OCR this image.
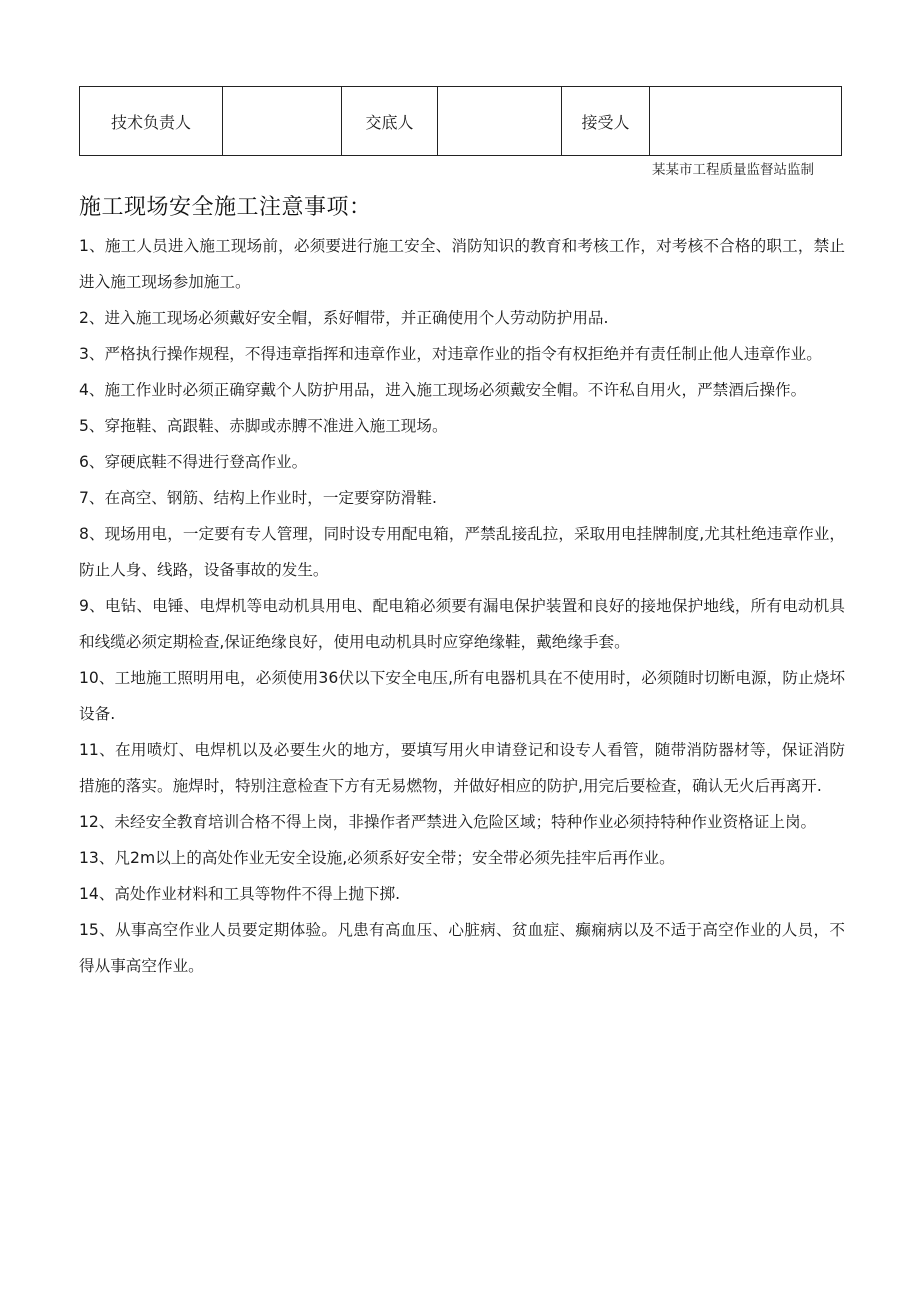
技术负责人		交底人		接受人	
某某市工程质量监督站监制
施工现场安全施工注意事项：

1、施工人员进入施工现场前，必须要进行施工安全、消防知识的教育和考核工作，对考核不合格的职工，禁止进入施工现场参加施工。

2、进入施工现场必须戴好安全帽，系好帽带，并正确使用个人劳动防护用品.

3、严格执行操作规程，不得违章指挥和违章作业，对违章作业的指令有权拒绝并有责任制止他人违章作业。

4、施工作业时必须正确穿戴个人防护用品，进入施工现场必须戴安全帽。不许私自用火，严禁酒后操作。

5、穿拖鞋、高跟鞋、赤脚或赤膊不准进入施工现场。

6、穿硬底鞋不得进行登高作业。

7、在高空、钢筋、结构上作业时，一定要穿防滑鞋.

8、现场用电，一定要有专人管理，同时设专用配电箱，严禁乱接乱拉，采取用电挂牌制度,尤其杜绝违章作业，防止人身、线路，设备事故的发生。

9、电钻、电锤、电焊机等电动机具用电、配电箱必须要有漏电保护装置和良好的接地保护地线，所有电动机具和线缆必须定期检查,保证绝缘良好，使用电动机具时应穿绝缘鞋，戴绝缘手套。

10、工地施工照明用电，必须使用36伏以下安全电压,所有电器机具在不使用时，必须随时切断电源，防止烧坏设备.

11、在用喷灯、电焊机以及必要生火的地方，要填写用火申请登记和设专人看管，随带消防器材等，保证消防措施的落实。施焊时，特别注意检查下方有无易燃物，并做好相应的防护,用完后要检查，确认无火后再离开.

12、未经安全教育培训合格不得上岗，非操作者严禁进入危险区域；特种作业必须持特种作业资格证上岗。

13、凡2m以上的高处作业无安全设施,必须系好安全带；安全带必须先挂牢后再作业。

14、高处作业材料和工具等物件不得上抛下掷.

15、从事高空作业人员要定期体验。凡患有高血压、心脏病、贫血症、癫痫病以及不适于高空作业的人员，不得从事高空作业。
